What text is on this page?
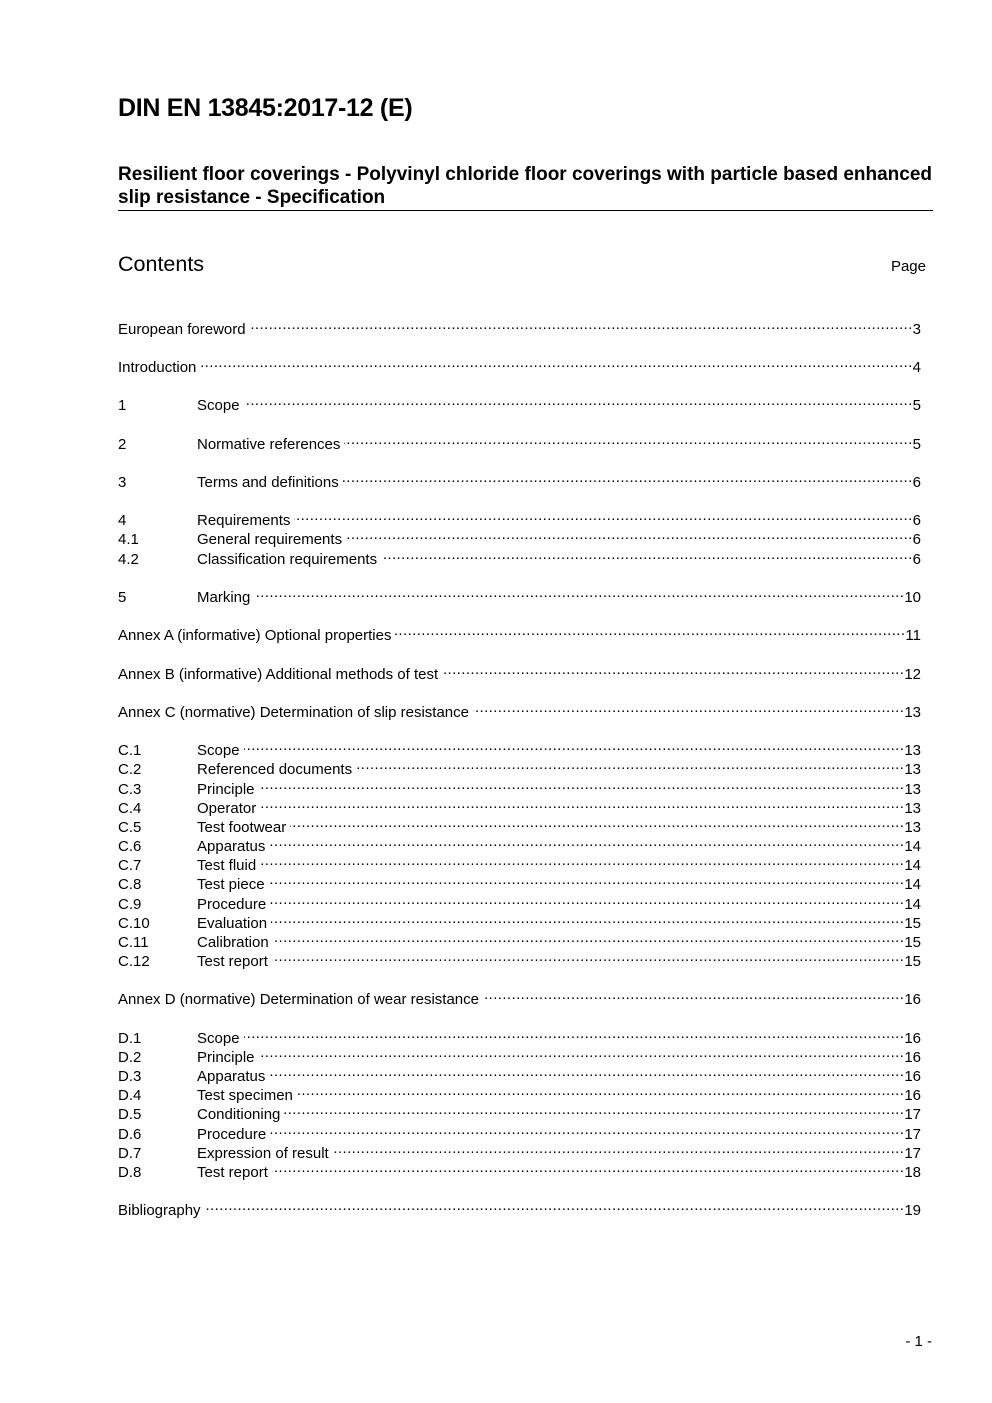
DIN EN 13845:2017-12 (E)
Resilient floor coverings - Polyvinyl chloride floor coverings with particle based enhanced slip resistance - Specification
Contents	Page
European foreword .....	3
Introduction .....	4
1	Scope .....	5
2	Normative references .....	5
3	Terms and definitions .....	6
4	Requirements .....	6
4.1	General requirements .....	6
4.2	Classification requirements .....	6
5	Marking .....	10
Annex A (informative) Optional properties .....	11
Annex B (informative) Additional methods of test .....	12
Annex C (normative) Determination of slip resistance .....	13
C.1	Scope .....	13
C.2	Referenced documents .....	13
C.3	Principle .....	13
C.4	Operator .....	13
C.5	Test footwear .....	13
C.6	Apparatus .....	14
C.7	Test fluid .....	14
C.8	Test piece .....	14
C.9	Procedure .....	14
C.10	Evaluation .....	15
C.11	Calibration .....	15
C.12	Test report .....	15
Annex D (normative) Determination of wear resistance .....	16
D.1	Scope .....	16
D.2	Principle .....	16
D.3	Apparatus .....	16
D.4	Test specimen .....	16
D.5	Conditioning .....	17
D.6	Procedure .....	17
D.7	Expression of result .....	17
D.8	Test report .....	18
Bibliography .....	19
- 1 -
